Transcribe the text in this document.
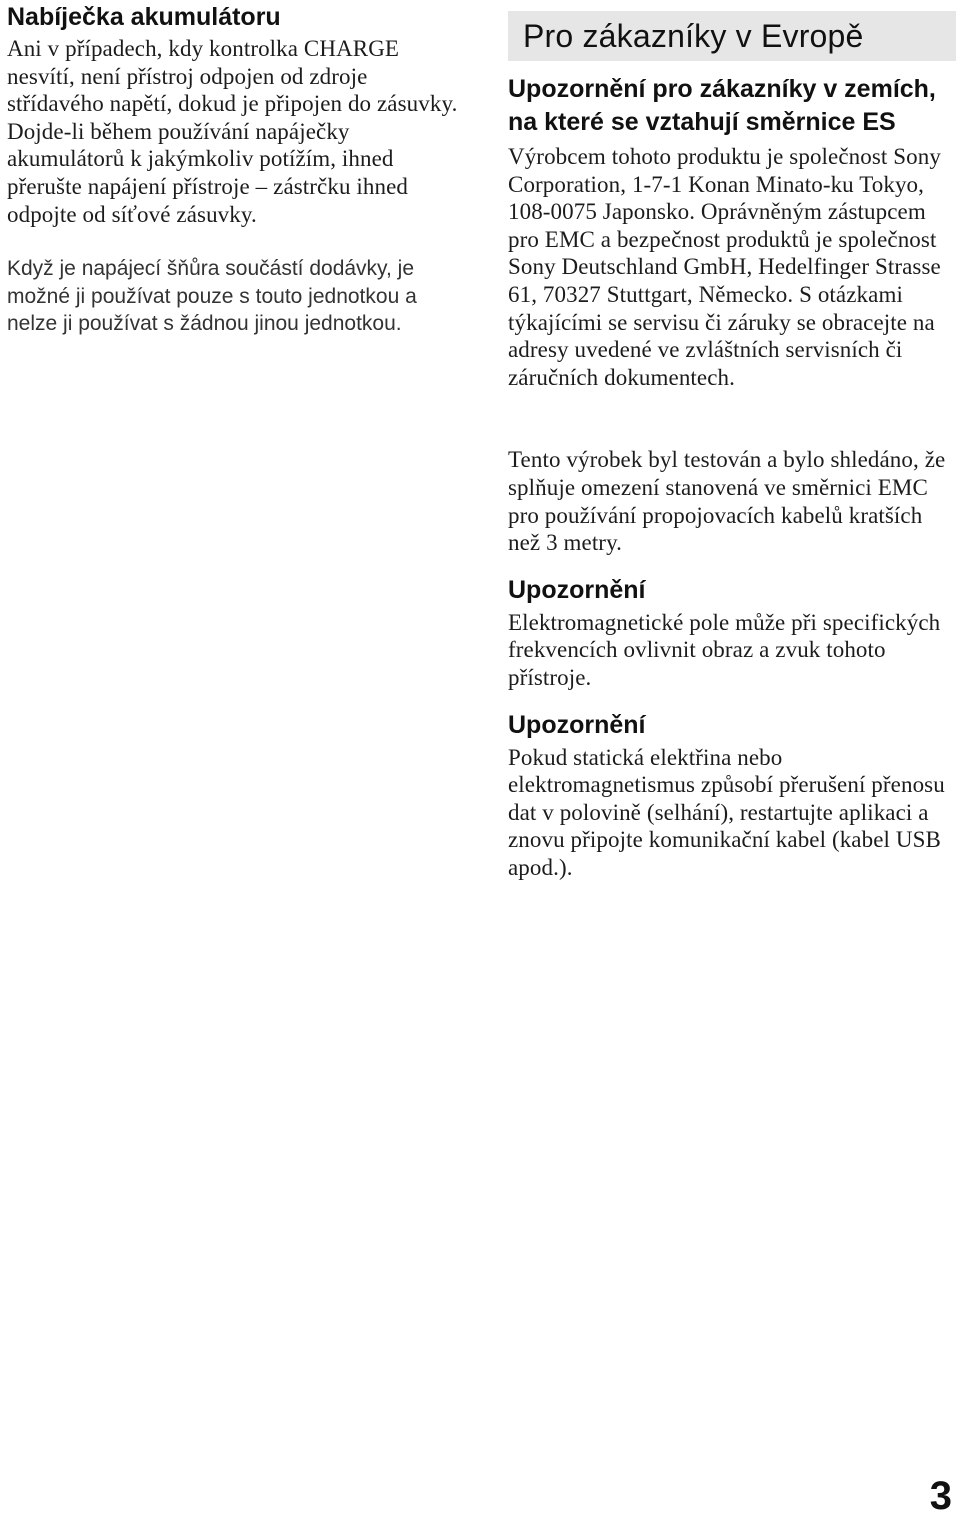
Nabíječka akumulátoru

Ani v případech, kdy kontrolka CHARGE nesvítí, není přístroj odpojen od zdroje střídavého napětí, dokud je připojen do zásuvky. Dojde-li během používání napáječky akumulátorů k jakýmkoliv potížím, ihned přerušte napájení přístroje – zástrčku ihned odpojte od síťové zásuvky.

Když je napájecí šňůra součástí dodávky, je možné ji používat pouze s touto jednotkou a nelze ji používat s žádnou jinou jednotkou.

Pro zákazníky v Evropě
Upozornění pro zákazníky v zemích, na které se vztahují směrnice ES

Výrobcem tohoto produktu je společnost Sony Corporation, 1-7-1 Konan Minato-ku Tokyo, 108-0075 Japonsko. Oprávněným zástupcem pro EMC a bezpečnost produktů je společnost Sony Deutschland GmbH, Hedelfinger Strasse 61, 70327 Stuttgart, Německo. S otázkami týkajícími se servisu či záruky se obracejte na adresy uvedené ve zvláštních servisních či záručních dokumentech.

Tento výrobek byl testován a bylo shledáno, že splňuje omezení stanovená ve směrnici EMC pro používání propojovacích kabelů kratších než 3 metry.

Upozornění

Elektromagnetické pole může při specifických frekvencích ovlivnit obraz a zvuk tohoto přístroje.

Upozornění

Pokud statická elektřina nebo elektromagnetismus způsobí přerušení přenosu dat v polovině (selhání), restartujte aplikaci a znovu připojte komunikační kabel (kabel USB apod.).

3
